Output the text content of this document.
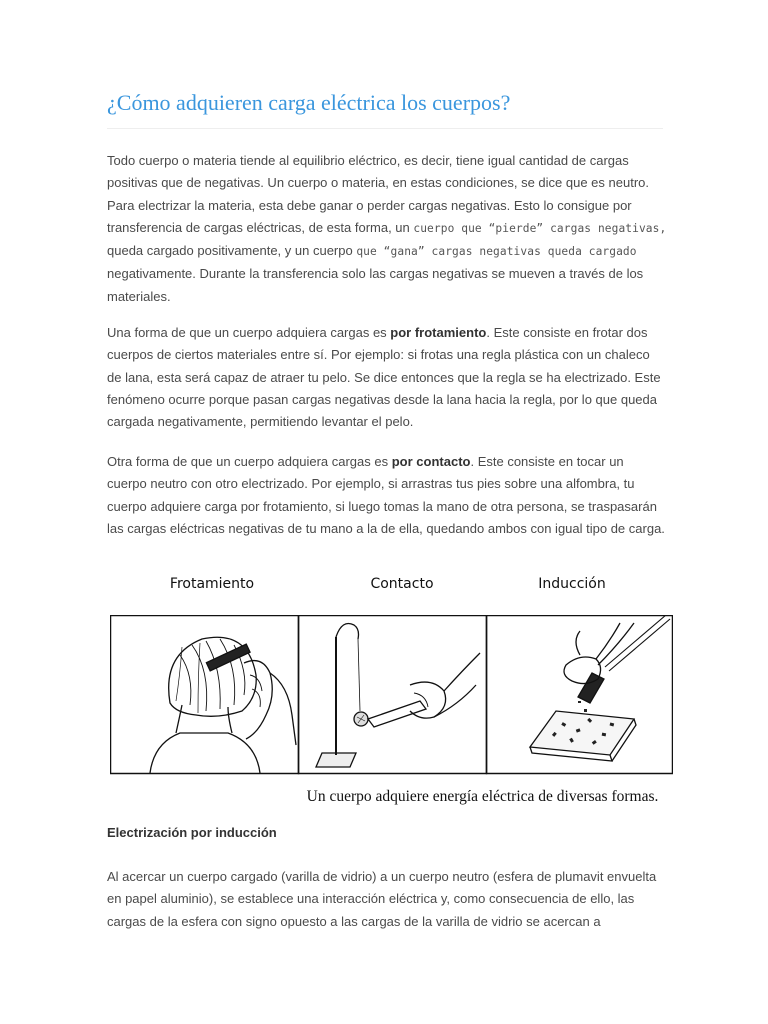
¿Cómo adquieren carga eléctrica los cuerpos?

Todo cuerpo o materia tiende al equilibrio eléctrico, es decir, tiene igual cantidad de cargas positivas que de negativas. Un cuerpo o materia, en estas condiciones, se dice que es neutro. Para electrizar la materia, esta debe ganar o perder cargas negativas. Esto lo consigue por transferencia de cargas eléctricas, de esta forma, un cuerpo que “pierde” cargas negativas, queda cargado positivamente, y un cuerpo que “gana” cargas negativas queda cargado negativamente. Durante la transferencia solo las cargas negativas se mueven a través de los materiales.

Una forma de que un cuerpo adquiera cargas es por frotamiento. Este consiste en frotar dos cuerpos de ciertos materiales entre sí. Por ejemplo: si frotas una regla plástica con un chaleco de lana, esta será capaz de atraer tu pelo. Se dice entonces que la regla se ha electrizado. Este fenómeno ocurre porque pasan cargas negativas desde la lana hacia la regla, por lo que queda cargada negativamente, permitiendo levantar el pelo.

Otra forma de que un cuerpo adquiera cargas es por contacto. Este consiste en tocar un cuerpo neutro con otro electrizado. Por ejemplo, si arrastras tus pies sobre una alfombra, tu cuerpo adquiere carga por frotamiento, si luego tomas la mano de otra persona, se traspasarán las cargas eléctricas negativas de tu mano a la de ella, quedando ambos con igual tipo de carga.

Frotamiento	Contacto	Inducción
Un cuerpo adquiere energía eléctrica de diversas formas.
Electrización por inducción

Al acercar un cuerpo cargado (varilla de vidrio) a un cuerpo neutro (esfera de plumavit envuelta en papel aluminio), se establece una interacción eléctrica y, como consecuencia de ello, las cargas de la esfera con signo opuesto a las cargas de la varilla de vidrio se acercan a
